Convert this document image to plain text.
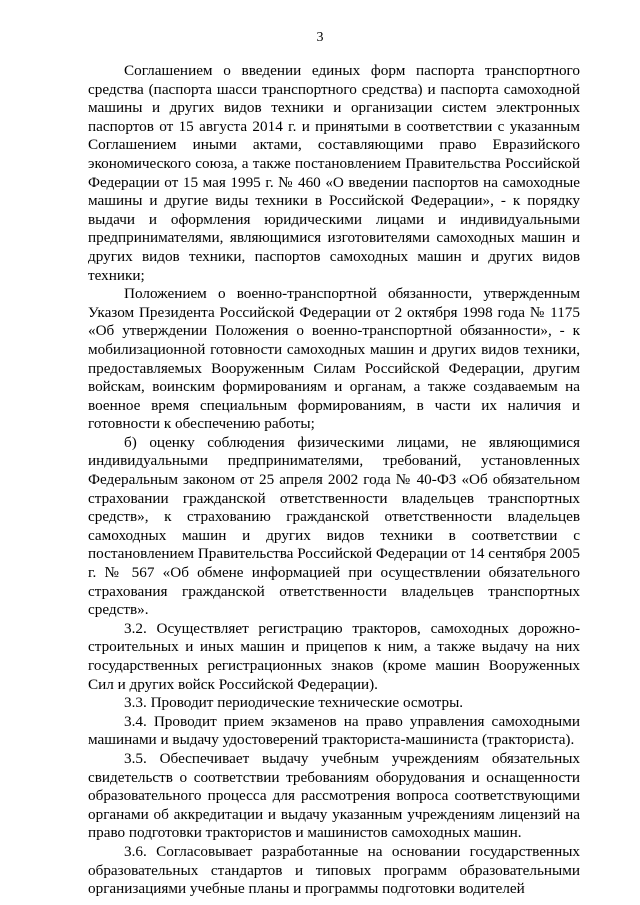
3

Соглашением о введении единых форм паспорта транспортного средства (паспорта шасси транспортного средства) и паспорта самоходной машины и других видов техники и организации систем электронных паспортов от 15 августа 2014 г. и принятыми в соответствии с указанным Соглашением иными актами, составляющими право Евразийского экономического союза, а также постановлением Правительства Российской Федерации от 15 мая 1995 г. № 460 «О введении паспортов на самоходные машины и другие виды техники в Российской Федерации», - к порядку выдачи и оформления юридическими лицами и индивидуальными предпринимателями, являющимися изготовителями самоходных машин и других видов техники, паспортов самоходных машин и других видов техники;

Положением о военно-транспортной обязанности, утвержденным Указом Президента Российской Федерации от 2 октября 1998 года № 1175 «Об утверждении Положения о военно-транспортной обязанности», - к мобилизационной готовности самоходных машин и других видов техники, предоставляемых Вооруженным Силам Российской Федерации, другим войскам, воинским формированиям и органам, а также создаваемым на военное время специальным формированиям, в части их наличия и готовности к обеспечению работы;

б) оценку соблюдения физическими лицами, не являющимися индивидуальными предпринимателями, требований, установленных Федеральным законом от 25 апреля 2002 года № 40-ФЗ «Об обязательном страховании гражданской ответственности владельцев транспортных средств», к страхованию гражданской ответственности владельцев самоходных машин и других видов техники в соответствии с постановлением Правительства Российской Федерации от 14 сентября 2005 г. № 567 «Об обмене информацией при осуществлении обязательного страхования гражданской ответственности владельцев транспортных средств».

3.2. Осуществляет регистрацию тракторов, самоходных дорожно-строительных и иных машин и прицепов к ним, а также выдачу на них государственных регистрационных знаков (кроме машин Вооруженных Сил и других войск Российской Федерации).

3.3. Проводит периодические технические осмотры.

3.4. Проводит прием экзаменов на право управления самоходными машинами и выдачу удостоверений тракториста-машиниста (тракториста).

3.5. Обеспечивает выдачу учебным учреждениям обязательных свидетельств о соответствии требованиям оборудования и оснащенности образовательного процесса для рассмотрения вопроса соответствующими органами об аккредитации и выдачу указанным учреждениям лицензий на право подготовки трактористов и машинистов самоходных машин.

3.6. Согласовывает разработанные на основании государственных образовательных стандартов и типовых программ образовательными организациями учебные планы и программы подготовки водителей
